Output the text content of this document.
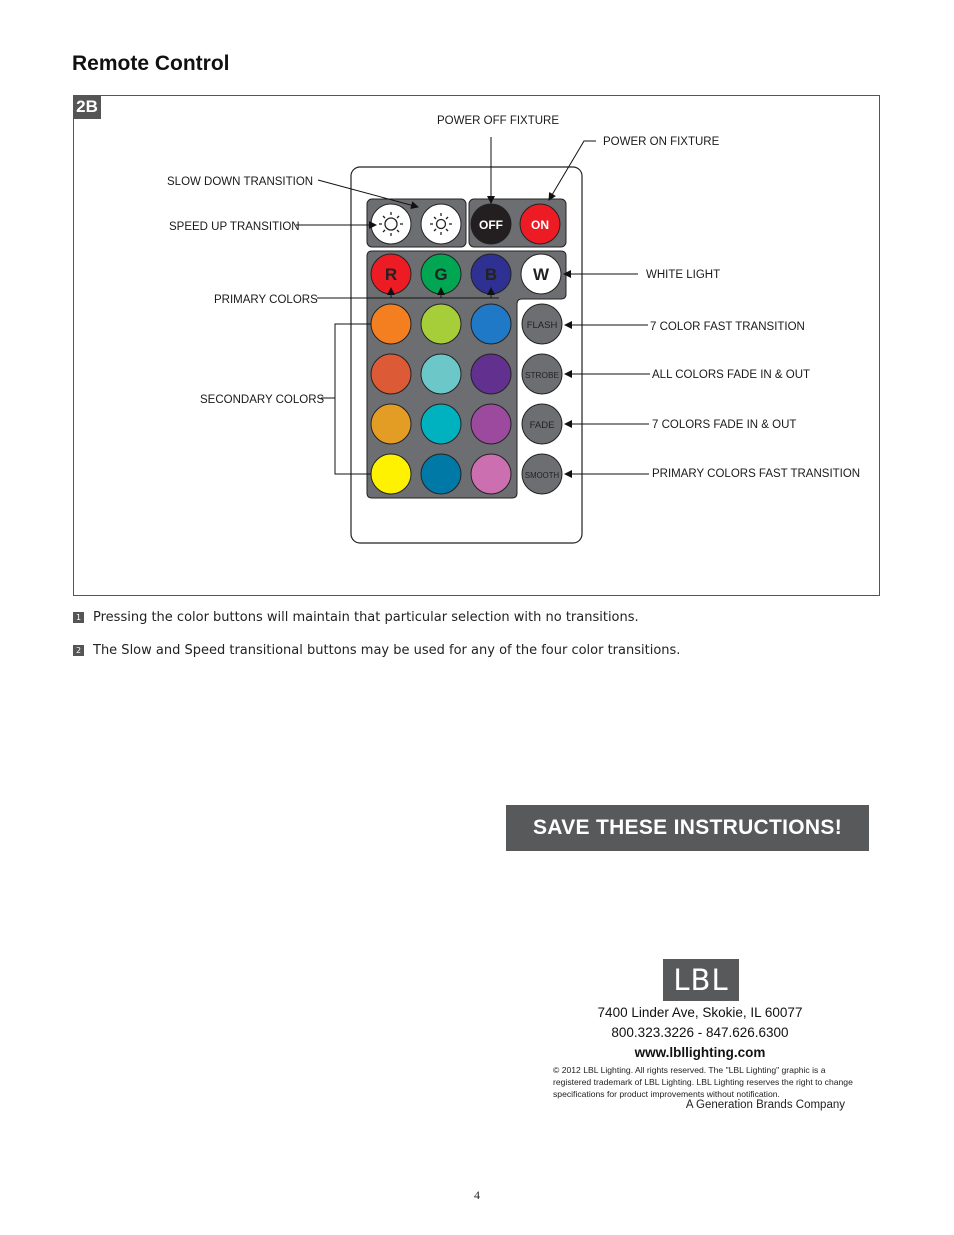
Remote Control
2B
OFF ON
R G B W
FLASH
STROBE
FADE
SMOOTH
POWER OFF FIXTURE
POWER ON FIXTURE
SLOW DOWN TRANSITION
SPEED UP TRANSITION
PRIMARY COLORS
SECONDARY COLORS
WHITE LIGHT
7 COLOR FAST TRANSITION
ALL COLORS FADE IN & OUT
7 COLORS FADE IN & OUT
PRIMARY COLORS FAST TRANSITION
1 Pressing the color buttons will maintain that particular selection with no transitions.
2 The Slow and Speed transitional buttons may be used for any of the four color transitions.
SAVE THESE INSTRUCTIONS!
LBL
7400 Linder Ave, Skokie, IL 60077
800.323.3226 - 847.626.6300
www.lbllighting.com
© 2012 LBL Lighting. All rights reserved. The "LBL Lighting" graphic is a registered trademark of LBL Lighting. LBL Lighting reserves the right to change specifications for product improvements without notification.
A Generation Brands Company
4
